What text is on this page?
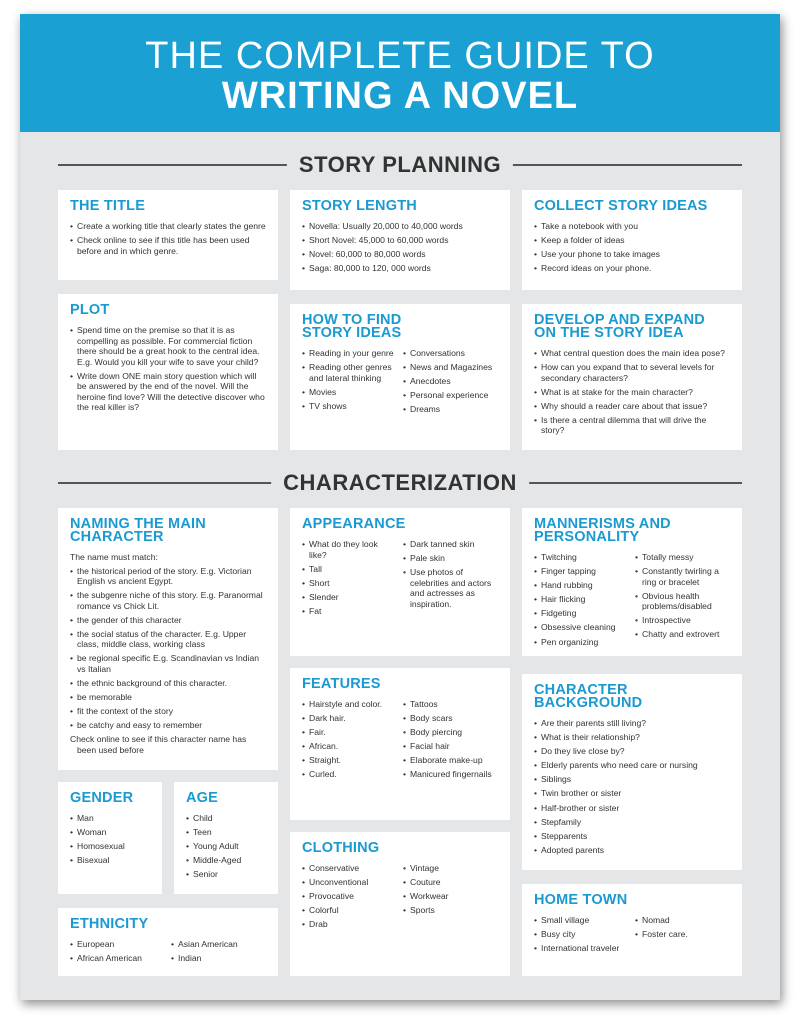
THE COMPLETE GUIDE TO
WRITING A NOVEL
STORY PLANNING
THE TITLE
• Create a working title that clearly states the genre
• Check online to see if this title has been used before and in which genre.
STORY LENGTH
• Novella: Usually 20,000 to 40,000 words
• Short Novel: 45,000 to 60,000 words
• Novel: 60,000 to 80,000 words
• Saga: 80,000 to 120, 000 words
COLLECT STORY IDEAS
• Take a notebook with you
• Keep a folder of ideas
• Use your phone to take images
• Record ideas on your phone.
PLOT
• Spend time on the premise so that it is as compelling as possible. For commercial fiction there should be a great hook to the central idea. E.g. Would you kill your wife to save your child?
• Write down ONE main story question which will be answered by the end of the novel. Will the heroine find love? Will the detective discover who the real killer is?
HOW TO FIND STORY IDEAS
• Reading in your genre
• Reading other genres and lateral thinking
• Movies
• TV shows
• Conversations
• News and Magazines
• Anecdotes
• Personal experience
• Dreams
DEVELOP AND EXPAND ON THE STORY IDEA
• What central question does the main idea pose?
• How can you expand that to several levels for secondary characters?
• What is at stake for the main character?
• Why should a reader care about that issue?
• Is there a central dilemma that will drive the story?
CHARACTERIZATION
NAMING THE MAIN CHARACTER

The name must match:

• the historical period of the story. E.g. Victorian English vs ancient Egypt.
• the subgenre niche of this story. E.g. Paranormal romance vs Chick Lit.
• the gender of this character
• the social status of the character. E.g. Upper class, middle class, working class
• be regional specific E.g. Scandinavian vs Indian vs Italian
• the ethnic background of this character.
• be memorable
• fit the context of the story
• be catchy and easy to remember

Check online to see if this character name has been used before

APPEARANCE
• What do they look like?
• Tall
• Short
• Slender
• Fat
• Dark tanned skin
• Pale skin
• Use photos of celebrities and actors and actresses as inspiration.
MANNERISMS AND PERSONALITY
• Twitching
• Finger tapping
• Hand rubbing
• Hair flicking
• Fidgeting
• Obsessive cleaning
• Pen organizing
• Totally messy
• Constantly twirling a ring or bracelet
• Obvious health problems/disabled
• Introspective
• Chatty and extrovert
FEATURES
• Hairstyle and color.
• Dark hair.
• Fair.
• African.
• Straight.
• Curled.
• Tattoos
• Body scars
• Body piercing
• Facial hair
• Elaborate make-up
• Manicured fingernails
CHARACTER BACKGROUND
• Are their parents still living?
• What is their relationship?
• Do they live close by?
• Elderly parents who need care or nursing
• Siblings
• Twin brother or sister
• Half-brother or sister
• Stepfamily
• Stepparents
• Adopted parents
GENDER
• Man
• Woman
• Homosexual
• Bisexual
AGE
• Child
• Teen
• Young Adult
• Middle-Aged
• Senior
CLOTHING
• Conservative
• Unconventional
• Provocative
• Colorful
• Drab
• Vintage
• Couture
• Workwear
• Sports
ETHNICITY
• European
• African American
• Asian American
• Indian
HOME TOWN
• Small village
• Busy city
• International traveler
• Nomad
• Foster care.
